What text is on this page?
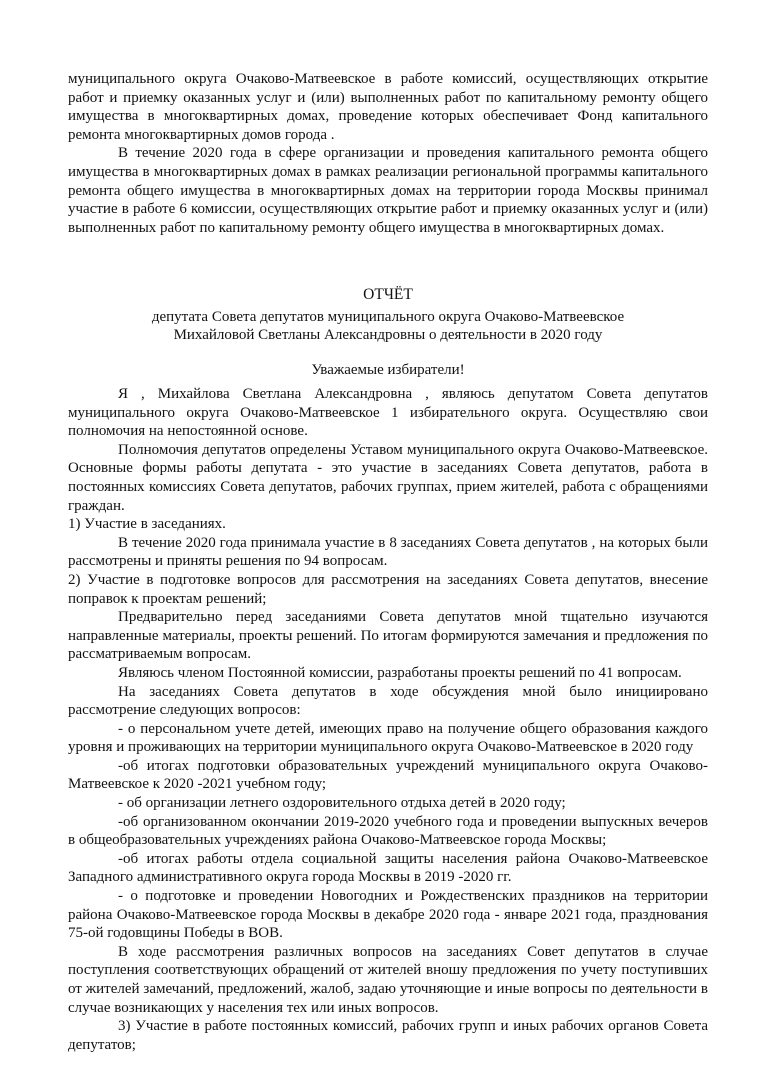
муниципального округа Очаково-Матвеевское в работе комиссий, осуществляющих открытие работ и приемку оказанных услуг и (или) выполненных работ по капитальному ремонту общего имущества в многоквартирных домах, проведение которых обеспечивает Фонд капитального ремонта многоквартирных домов города .

В течение 2020 года в сфере организации и проведения капитального ремонта общего имущества в многоквартирных домах в рамках реализации региональной программы капитального ремонта общего имущества в многоквартирных домах на территории города Москвы принимал участие в работе 6 комиссии, осуществляющих открытие работ и приемку оказанных услуг и (или) выполненных работ по капитальному ремонту общего имущества в многоквартирных домах.

ОТЧЁТ

депутата Совета депутатов муниципального округа Очаково-Матвеевское

Михайловой Светланы Александровны о деятельности в 2020 году

Уважаемые избиратели!

Я , Михайлова Светлана Александровна , являюсь депутатом Совета депутатов муниципального округа Очаково-Матвеевское 1 избирательного округа. Осуществляю свои полномочия на непостоянной основе.

Полномочия депутатов определены Уставом муниципального округа Очаково-Матвеевское. Основные формы работы депутата - это участие в заседаниях Совета депутатов, работа в постоянных комиссиях Совета депутатов, рабочих группах, прием жителей, работа с обращениями граждан.

1) Участие в заседаниях.

В течение 2020 года принимала участие в 8 заседаниях Совета депутатов , на которых были рассмотрены и приняты решения по 94 вопросам.

2) Участие в подготовке вопросов для рассмотрения на заседаниях Совета депутатов, внесение поправок к проектам решений;

Предварительно перед заседаниями Совета депутатов мной тщательно изучаются направленные материалы, проекты решений. По итогам формируются замечания и предложения по рассматриваемым вопросам.

Являюсь членом Постоянной комиссии, разработаны проекты решений по 41 вопросам.

На заседаниях Совета депутатов в ходе обсуждения мной было инициировано рассмотрение следующих вопросов:

- о персональном учете детей, имеющих право на получение общего образования каждого уровня и проживающих на территории муниципального округа Очаково-Матвеевское в 2020 году

-об итогах подготовки образовательных учреждений муниципального округа Очаково-Матвеевское к 2020 -2021 учебном году;

- об организации летнего оздоровительного отдыха детей в 2020 году;

-об организованном окончании 2019-2020 учебного года и проведении выпускных вечеров в общеобразовательных учреждениях района Очаково-Матвеевское города Москвы;

-об итогах работы отдела социальной защиты населения района Очаково-Матвеевское Западного административного округа города Москвы в 2019 -2020 гг.

- о подготовке и проведении Новогодних и Рождественских праздников на территории района Очаково-Матвеевское города Москвы в декабре 2020 года - январе 2021 года, празднования 75-ой годовщины Победы в ВОВ.

В ходе рассмотрения различных вопросов на заседаниях Совет депутатов в случае поступления соответствующих обращений от жителей вношу предложения по учету поступивших от жителей замечаний, предложений, жалоб, задаю уточняющие и иные вопросы по деятельности в случае возникающих у населения тех или иных вопросов.

3) Участие в работе постоянных комиссий, рабочих групп и иных рабочих органов Совета депутатов;
